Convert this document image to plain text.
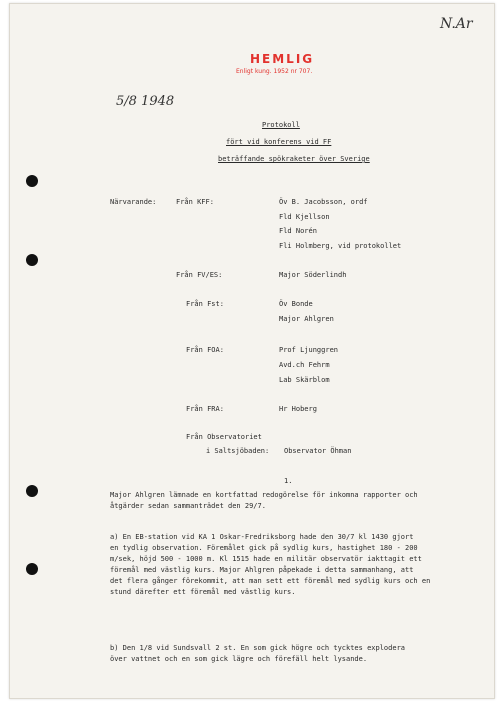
N.Ar
HEMLIG
Enligt kung. 1952 nr 707.
5/8 1948
Protokoll
fört vid konferens vid FF
beträffande spökraketer över Sverige
Närvarande:	Från KFF:	Öv B. Jacobsson, ordf
Fld Kjellson
Fld Norén
Fli Holmberg, vid protokollet
Från FV/ES:	Major Söderlindh
Från Fst:	Öv Bonde
Major Ahlgren
Från FOA:	Prof Ljunggren
Avd.ch Fehrm
Lab Skärblom
Från FRA:	Hr Hoberg
Från Observatoriet
i Saltsjöbaden: Observator Öhman
1.
Major Ahlgren lämnade en kortfattad redogörelse för inkomna rapporter och
åtgärder sedan sammanträdet den 29/7.
a) En EB-station vid KA 1 Oskar-Fredriksborg hade den 30/7 kl 1430 gjort
en tydlig observation. Föremålet gick på sydlig kurs, hastighet 180 - 200
m/sek, höjd 500 - 1000 m. Kl 1515 hade en militär observatör iakttagit ett
föremål med västlig kurs. Major Ahlgren påpekade i detta sammanhang, att
det flera gånger förekommit, att man sett ett föremål med sydlig kurs och en
stund därefter ett föremål med västlig kurs.
b) Den 1/8 vid Sundsvall 2 st. En som gick högre och tycktes explodera
över vattnet och en som gick lägre och förefäll helt lysande.
